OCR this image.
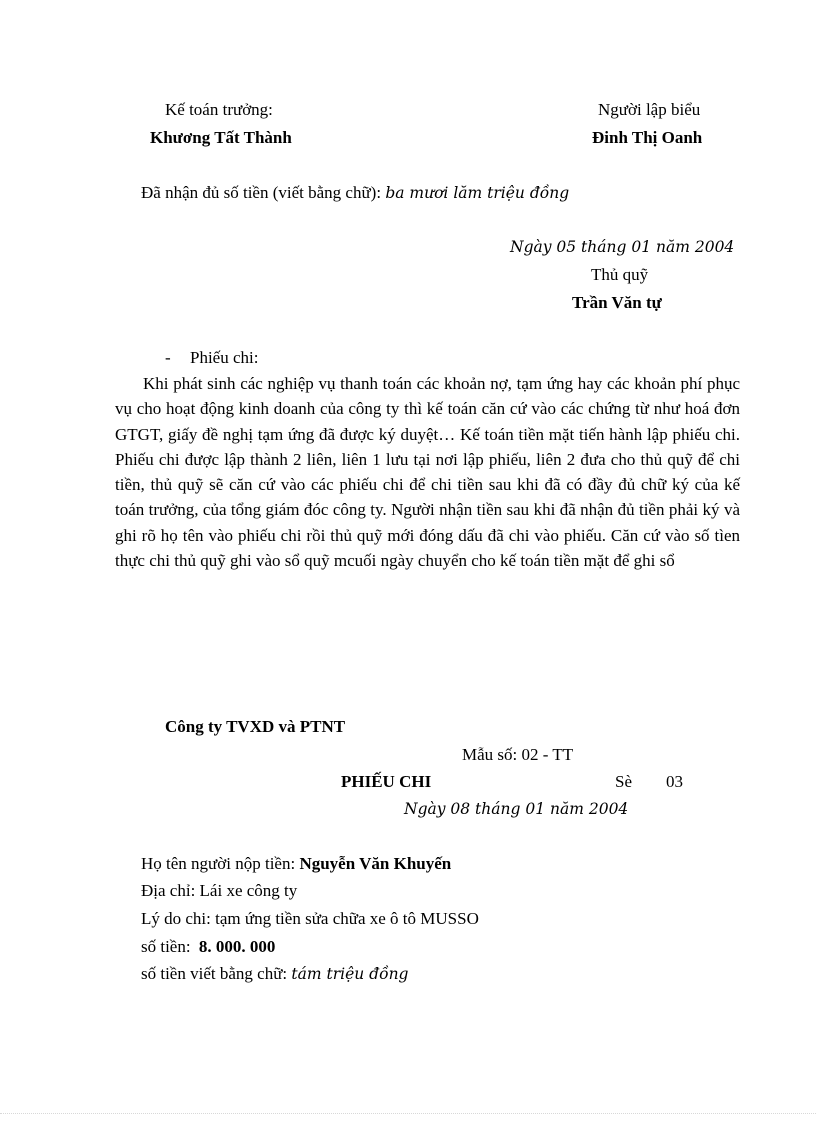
Kế toán trưởng:
Khương Tất Thành
Người lập biểu
Đinh Thị Oanh
Đã nhận đủ số tiền (viết bằng chữ): ba mươi lăm triệu đồng
Ngày 05 tháng 01 năm 2004
Thủ quỹ
Trần Văn tự
- Phiếu chi:

Khi phát sinh các nghiệp vụ thanh toán các khoản nợ, tạm ứng hay các khoản phí phục vụ cho hoạt động kinh doanh của công ty thì kế toán căn cứ vào các chứng từ như hoá đơn GTGT, giấy đề nghị tạm ứng đã được ký duyệt… Kế toán tiền mặt tiến hành lập phiếu chi. Phiếu chi được lập thành 2 liên, liên 1 lưu tại nơi lập phiếu, liên 2 đưa cho thủ quỹ để chi tiền, thủ quỹ sẽ căn cứ vào các phiếu chi để chi tiền sau khi đã có đầy đủ chữ ký của kế toán trưởng, của tổng giám đóc công ty. Người nhận tiền sau khi đã nhận đủ tiền phải ký và ghi rõ họ tên vào phiếu chi rồi thủ quỹ mới đóng dấu đã chi vào phiếu. Căn cứ vào số tìen thực chi thủ quỹ ghi vào sổ quỹ mcuối ngày chuyển cho kế toán tiền mặt để ghi sổ

Công ty TVXD và PTNT
Mẫu số: 02 - TT
PHIẾU CHI	Sè 03
Ngày 08 tháng 01 năm 2004
Họ tên người nộp tiền: Nguyễn Văn Khuyến
Địa chỉ: Lái xe công ty
Lý do chi: tạm ứng tiền sửa chữa xe ô tô MUSSO
số tiền: 8. 000. 000
số tiền viết bằng chữ: tám triệu đồng
